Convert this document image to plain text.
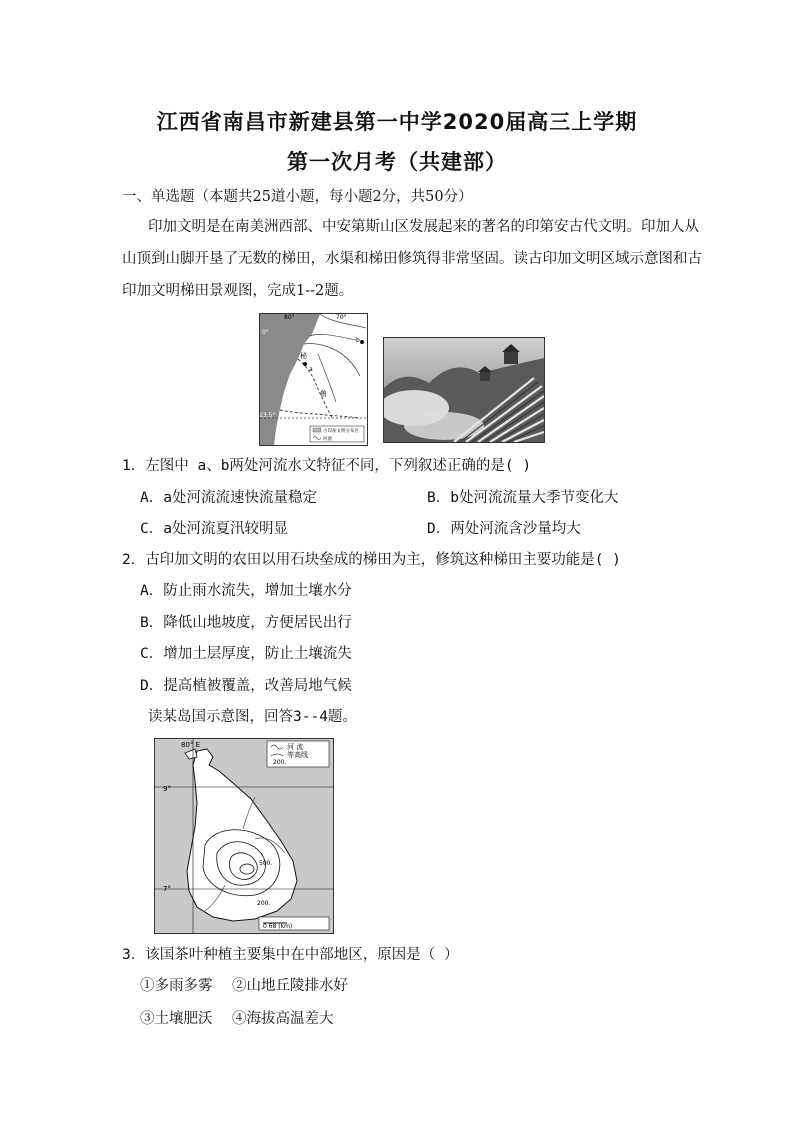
江西省南昌市新建县第一中学2020届高三上学期
第一次月考（共建部）
一、单选题（本题共25道小题，每小题2分，共50分）
印加文明是在南美洲西部、中安第斯山区发展起来的著名的印第安古代文明。印加人从
山顶到山脚开垦了无数的梯田，水渠和梯田修筑得非常坚固。读古印加文明区域示意图和古
印加文明梯田景观图，完成1--2题。
古印加文明分布区
河流
80°	70°
0°
23.5°
b
a
秘
鲁
太
平
洋
1．左图中 a、b两处河流水文特征不同，下列叙述正确的是( )
A．a处河流流速快流量稳定	B．b处河流流量大季节变化大
C．a处河流夏汛较明显	D．两处河流含沙量均大
2．古印加文明的农田以用石块垒成的梯田为主，修筑这种梯田主要功能是( )
A．防止雨水流失，增加土壤水分
B．降低山地坡度，方便居民出行
C．增加土层厚度，防止土壤流失
D．提高植被覆盖，改善局地气候
读某岛国示意图，回答3--4题。
河 流
等高线
200.
80° E
9°
7°
500.
200.
0 68 (km)
3．该国茶叶种植主要集中在中部地区，原因是（ ）
①多雨多雾 ②山地丘陵排水好
③土壤肥沃 ④海拔高温差大
